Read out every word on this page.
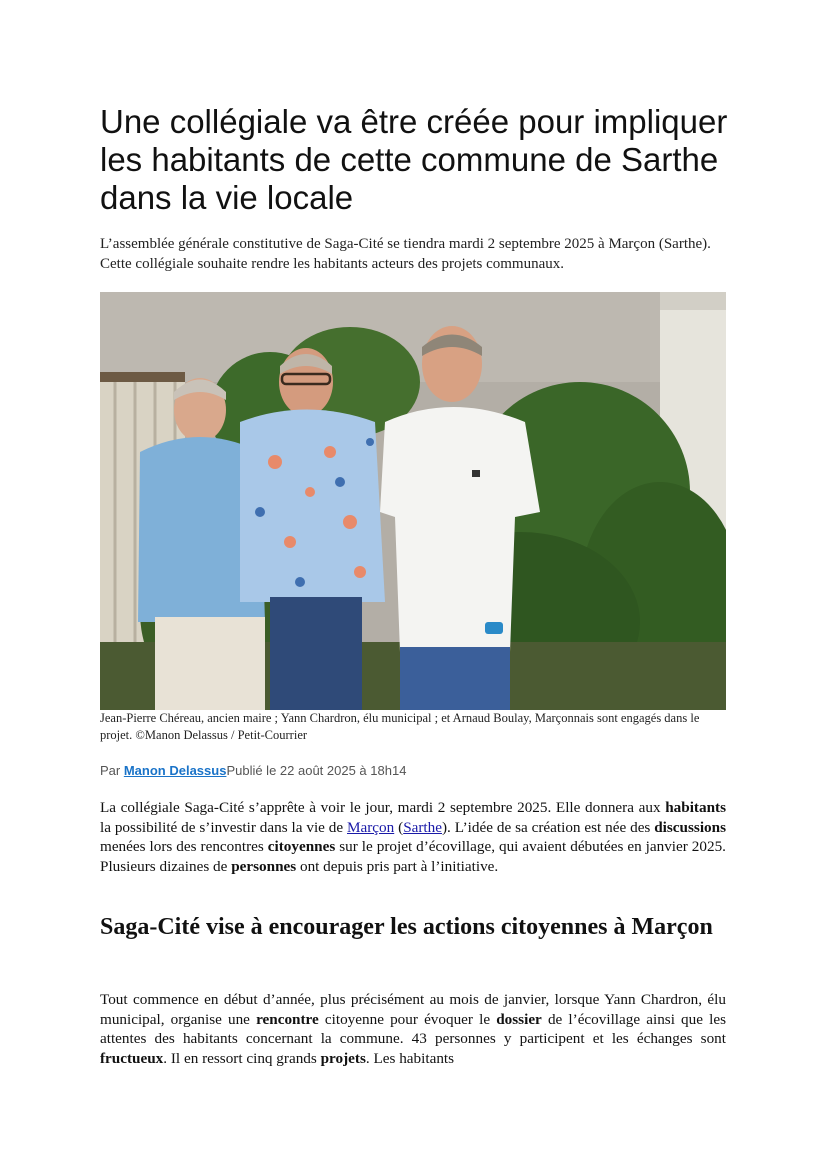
Une collégiale va être créée pour impliquer les habitants de cette commune de Sarthe dans la vie locale

L’assemblée générale constitutive de Saga-Cité se tiendra mardi 2 septembre 2025 à Marçon (Sarthe). Cette collégiale souhaite rendre les habitants acteurs des projets communaux.

Jean-Pierre Chéreau, ancien maire ; Yann Chardron, élu municipal ; et Arnaud Boulay, Marçonnais sont engagés dans le projet. ©Manon Delassus / Petit-Courrier

Par Manon DelassusPublié le 22 août 2025 à 18h14

La collégiale Saga-Cité s’apprête à voir le jour, mardi 2 septembre 2025. Elle donnera aux habitants la possibilité de s’investir dans la vie de Marçon (Sarthe). L’idée de sa création est née des discussions menées lors des rencontres citoyennes sur le projet d’écovillage, qui avaient débutées en janvier 2025. Plusieurs dizaines de personnes ont depuis pris part à l’initiative.

Saga-Cité vise à encourager les actions citoyennes à Marçon

Tout commence en début d’année, plus précisément au mois de janvier, lorsque Yann Chardron, élu municipal, organise une rencontre citoyenne pour évoquer le dossier de l’écovillage ainsi que les attentes des habitants concernant la commune. 43 personnes y participent et les échanges sont fructueux. Il en ressort cinq grands projets. Les habitants
